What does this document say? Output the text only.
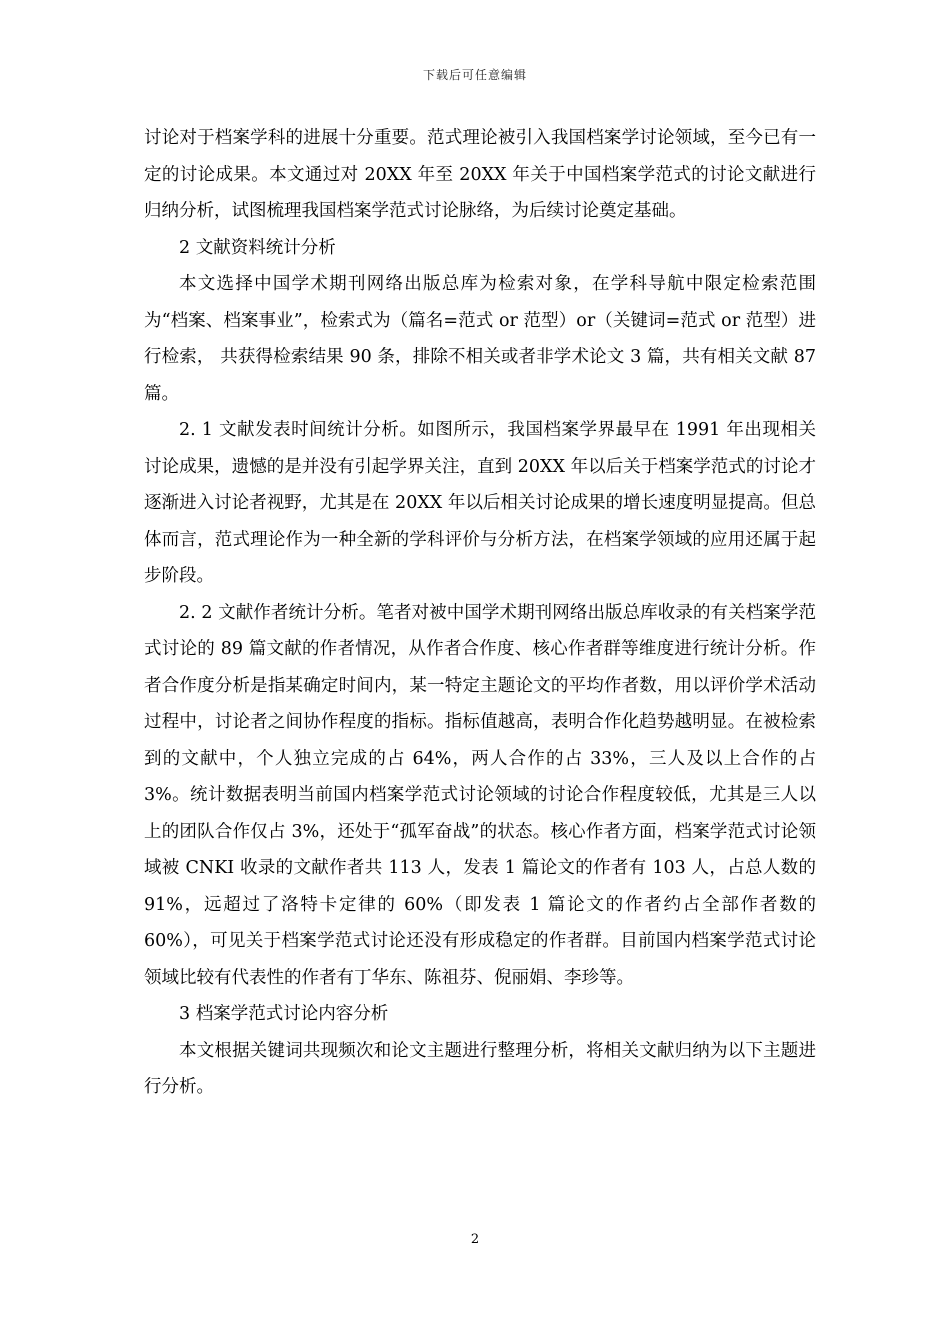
下载后可任意编辑

讨论对于档案学科的进展十分重要。范式理论被引入我国档案学讨论领域，至今已有一定的讨论成果。本文通过对 20XX 年至 20XX 年关于中国档案学范式的讨论文献进行归纳分析，试图梳理我国档案学范式讨论脉络，为后续讨论奠定基础。

2 文献资料统计分析

本文选择中国学术期刊网络出版总库为检索对象，在学科导航中限定检索范围为“档案、档案事业”，检索式为（篇名=范式 or 范型）or（关键词=范式 or 范型）进行检索， 共获得检索结果 90 条，排除不相关或者非学术论文 3 篇，共有相关文献 87 篇。

2. 1 文献发表时间统计分析。如图所示，我国档案学界最早在 1991 年出现相关讨论成果，遗憾的是并没有引起学界关注，直到 20XX 年以后关于档案学范式的讨论才逐渐进入讨论者视野，尤其是在 20XX 年以后相关讨论成果的增长速度明显提高。但总体而言，范式理论作为一种全新的学科评价与分析方法，在档案学领域的应用还属于起步阶段。

2. 2 文献作者统计分析。笔者对被中国学术期刊网络出版总库收录的有关档案学范式讨论的 89 篇文献的作者情况，从作者合作度、核心作者群等维度进行统计分析。作者合作度分析是指某确定时间内，某一特定主题论文的平均作者数，用以评价学术活动过程中，讨论者之间协作程度的指标。指标值越高，表明合作化趋势越明显。在被检索到的文献中，个人独立完成的占 64%，两人合作的占 33%，三人及以上合作的占 3%。统计数据表明当前国内档案学范式讨论领域的讨论合作程度较低，尤其是三人以上的团队合作仅占 3%，还处于“孤军奋战”的状态。核心作者方面，档案学范式讨论领域被 CNKI 收录的文献作者共 113 人，发表 1 篇论文的作者有 103 人，占总人数的 91%，远超过了洛特卡定律的 60%（即发表 1 篇论文的作者约占全部作者数的 60%），可见关于档案学范式讨论还没有形成稳定的作者群。目前国内档案学范式讨论领域比较有代表性的作者有丁华东、陈祖芬、倪丽娟、李珍等。

3 档案学范式讨论内容分析

本文根据关键词共现频次和论文主题进行整理分析，将相关文献归纳为以下主题进行分析。

2
